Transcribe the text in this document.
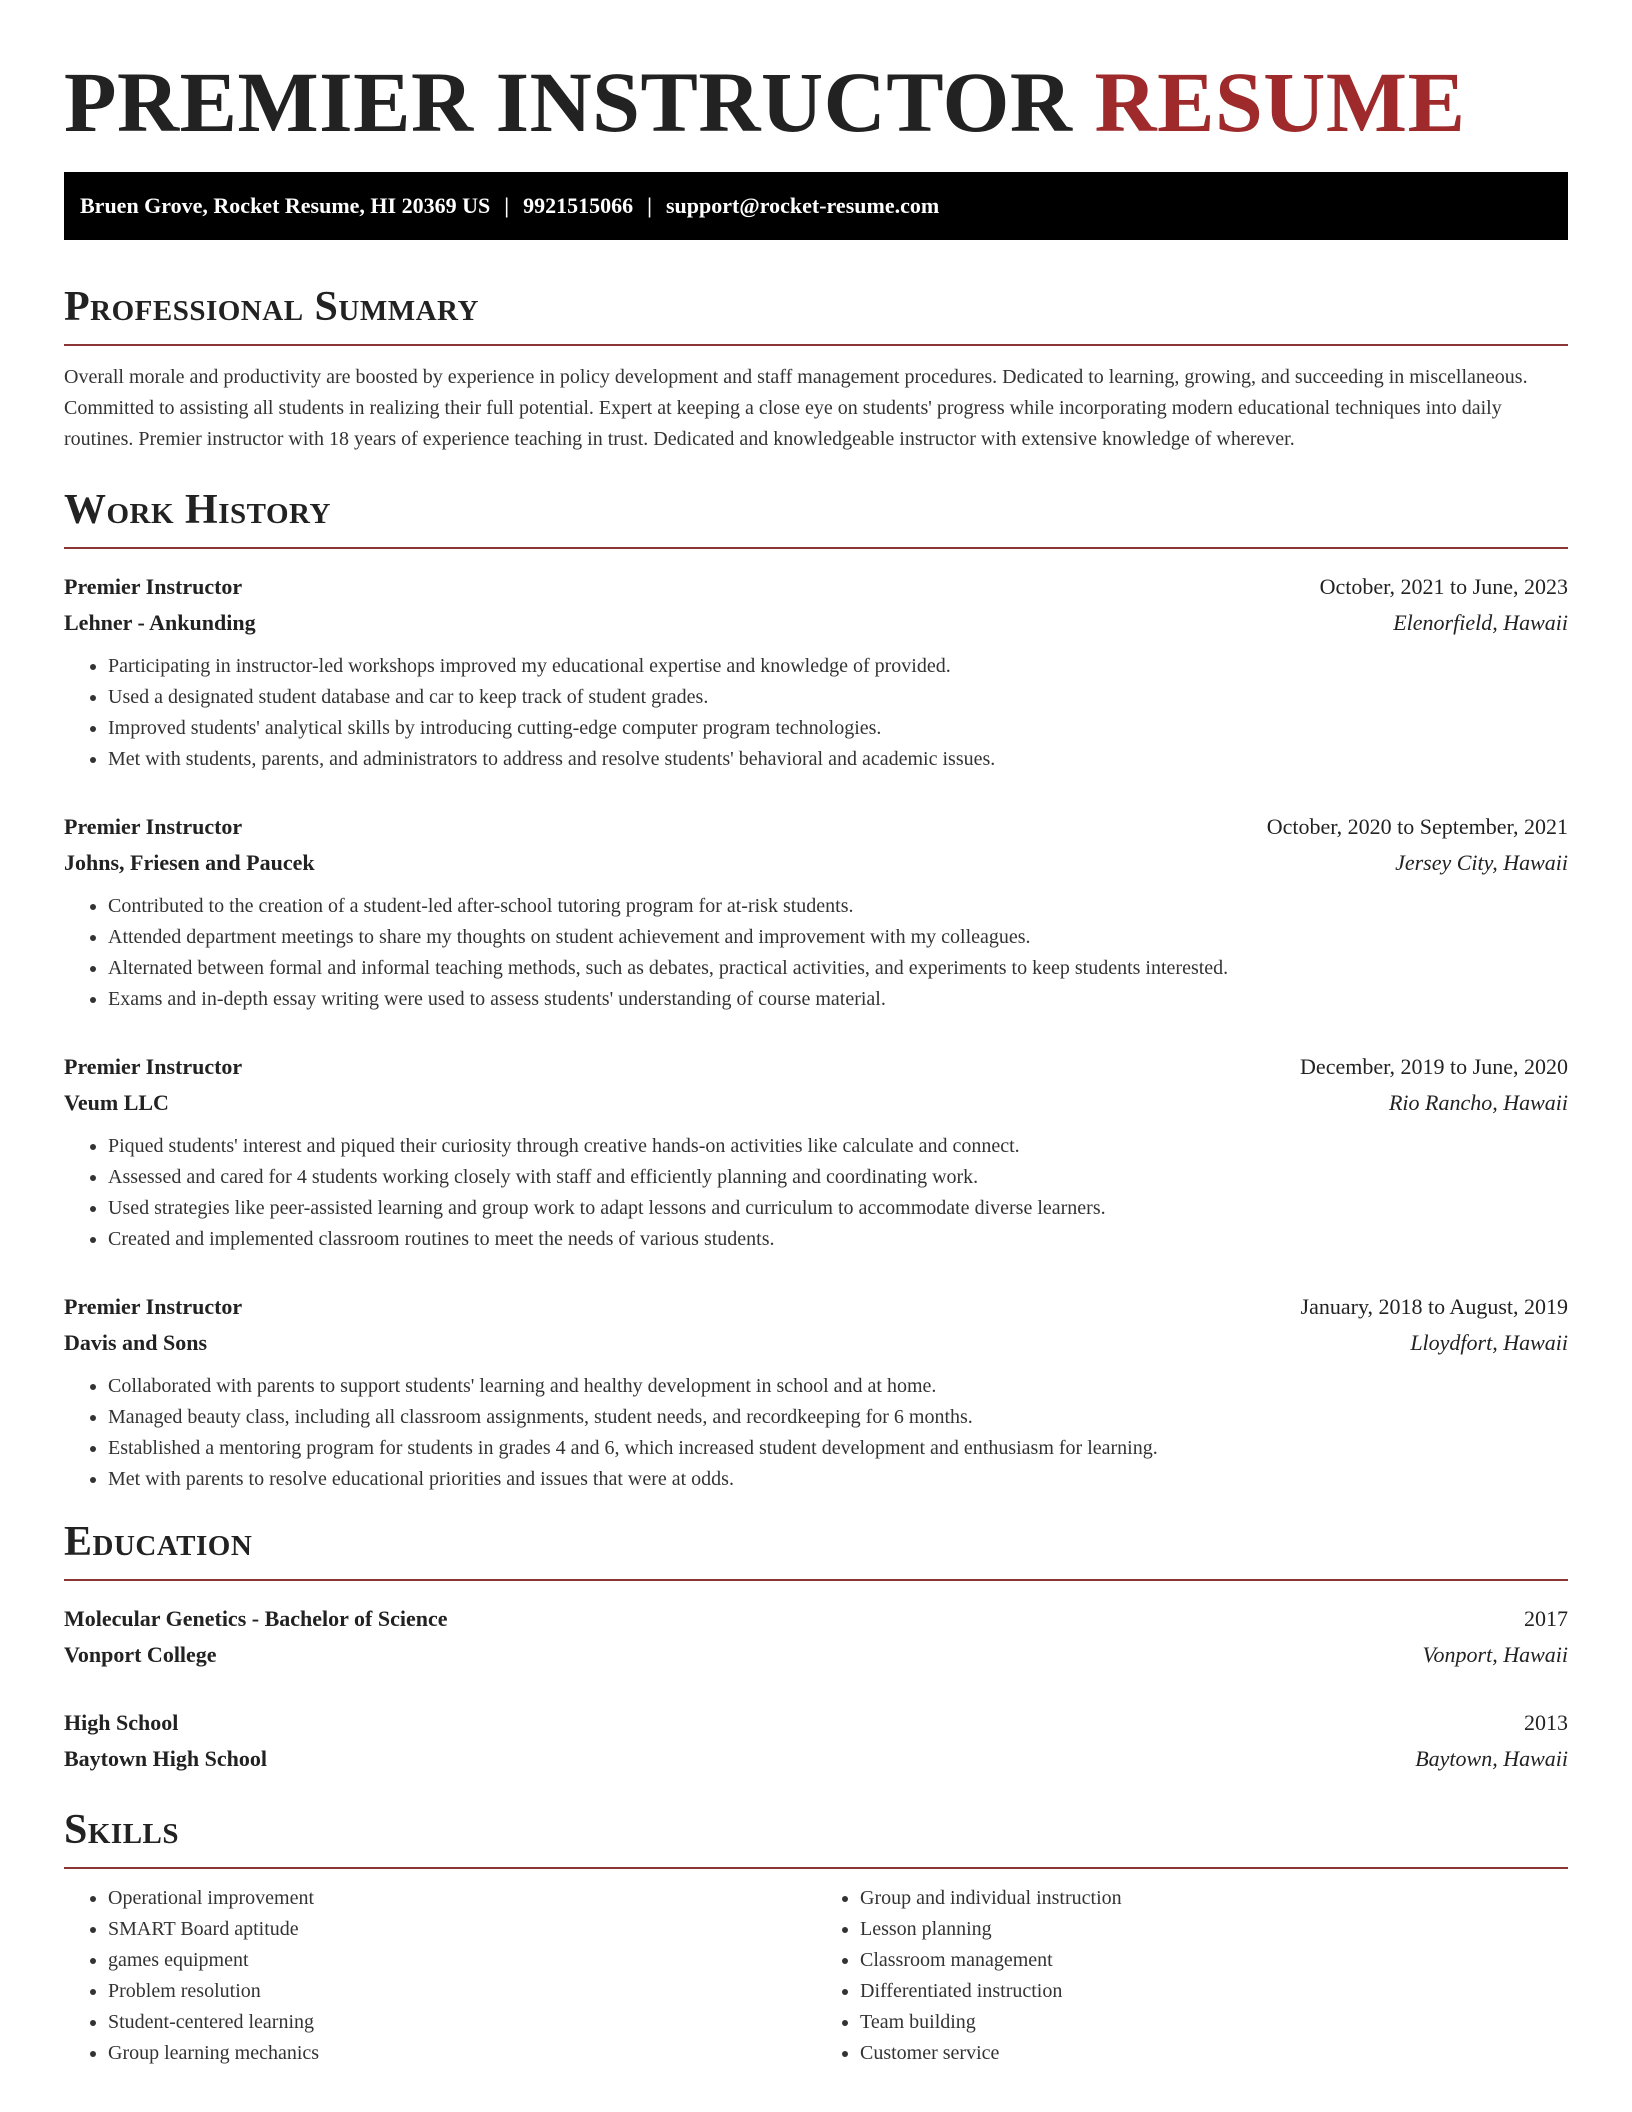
PREMIER INSTRUCTOR RESUME
Bruen Grove, Rocket Resume, HI 20369 US | 9921515066 | support@rocket-resume.com
Professional Summary

Overall morale and productivity are boosted by experience in policy development and staff management procedures. Dedicated to learning, growing, and succeeding in miscellaneous. Committed to assisting all students in realizing their full potential. Expert at keeping a close eye on students' progress while incorporating modern educational techniques into daily routines. Premier instructor with 18 years of experience teaching in trust. Dedicated and knowledgeable instructor with extensive knowledge of wherever.

Work History
Premier Instructor	October, 2021 to June, 2023
Lehner - Ankunding	Elenorfield, Hawaii
• Participating in instructor-led workshops improved my educational expertise and knowledge of provided.
• Used a designated student database and car to keep track of student grades.
• Improved students' analytical skills by introducing cutting-edge computer program technologies.
• Met with students, parents, and administrators to address and resolve students' behavioral and academic issues.
Premier Instructor	October, 2020 to September, 2021
Johns, Friesen and Paucek	Jersey City, Hawaii
• Contributed to the creation of a student-led after-school tutoring program for at-risk students.
• Attended department meetings to share my thoughts on student achievement and improvement with my colleagues.
• Alternated between formal and informal teaching methods, such as debates, practical activities, and experiments to keep students interested.
• Exams and in-depth essay writing were used to assess students' understanding of course material.
Premier Instructor	December, 2019 to June, 2020
Veum LLC	Rio Rancho, Hawaii
• Piqued students' interest and piqued their curiosity through creative hands-on activities like calculate and connect.
• Assessed and cared for 4 students working closely with staff and efficiently planning and coordinating work.
• Used strategies like peer-assisted learning and group work to adapt lessons and curriculum to accommodate diverse learners.
• Created and implemented classroom routines to meet the needs of various students.
Premier Instructor	January, 2018 to August, 2019
Davis and Sons	Lloydfort, Hawaii
• Collaborated with parents to support students' learning and healthy development in school and at home.
• Managed beauty class, including all classroom assignments, student needs, and recordkeeping for 6 months.
• Established a mentoring program for students in grades 4 and 6, which increased student development and enthusiasm for learning.
• Met with parents to resolve educational priorities and issues that were at odds.
Education
Molecular Genetics - Bachelor of Science	2017
Vonport College	Vonport, Hawaii
High School	2013
Baytown High School	Baytown, Hawaii
Skills
• Operational improvement
• SMART Board aptitude
• games equipment
• Problem resolution
• Student-centered learning
• Group learning mechanics
• Group and individual instruction
• Lesson planning
• Classroom management
• Differentiated instruction
• Team building
• Customer service
